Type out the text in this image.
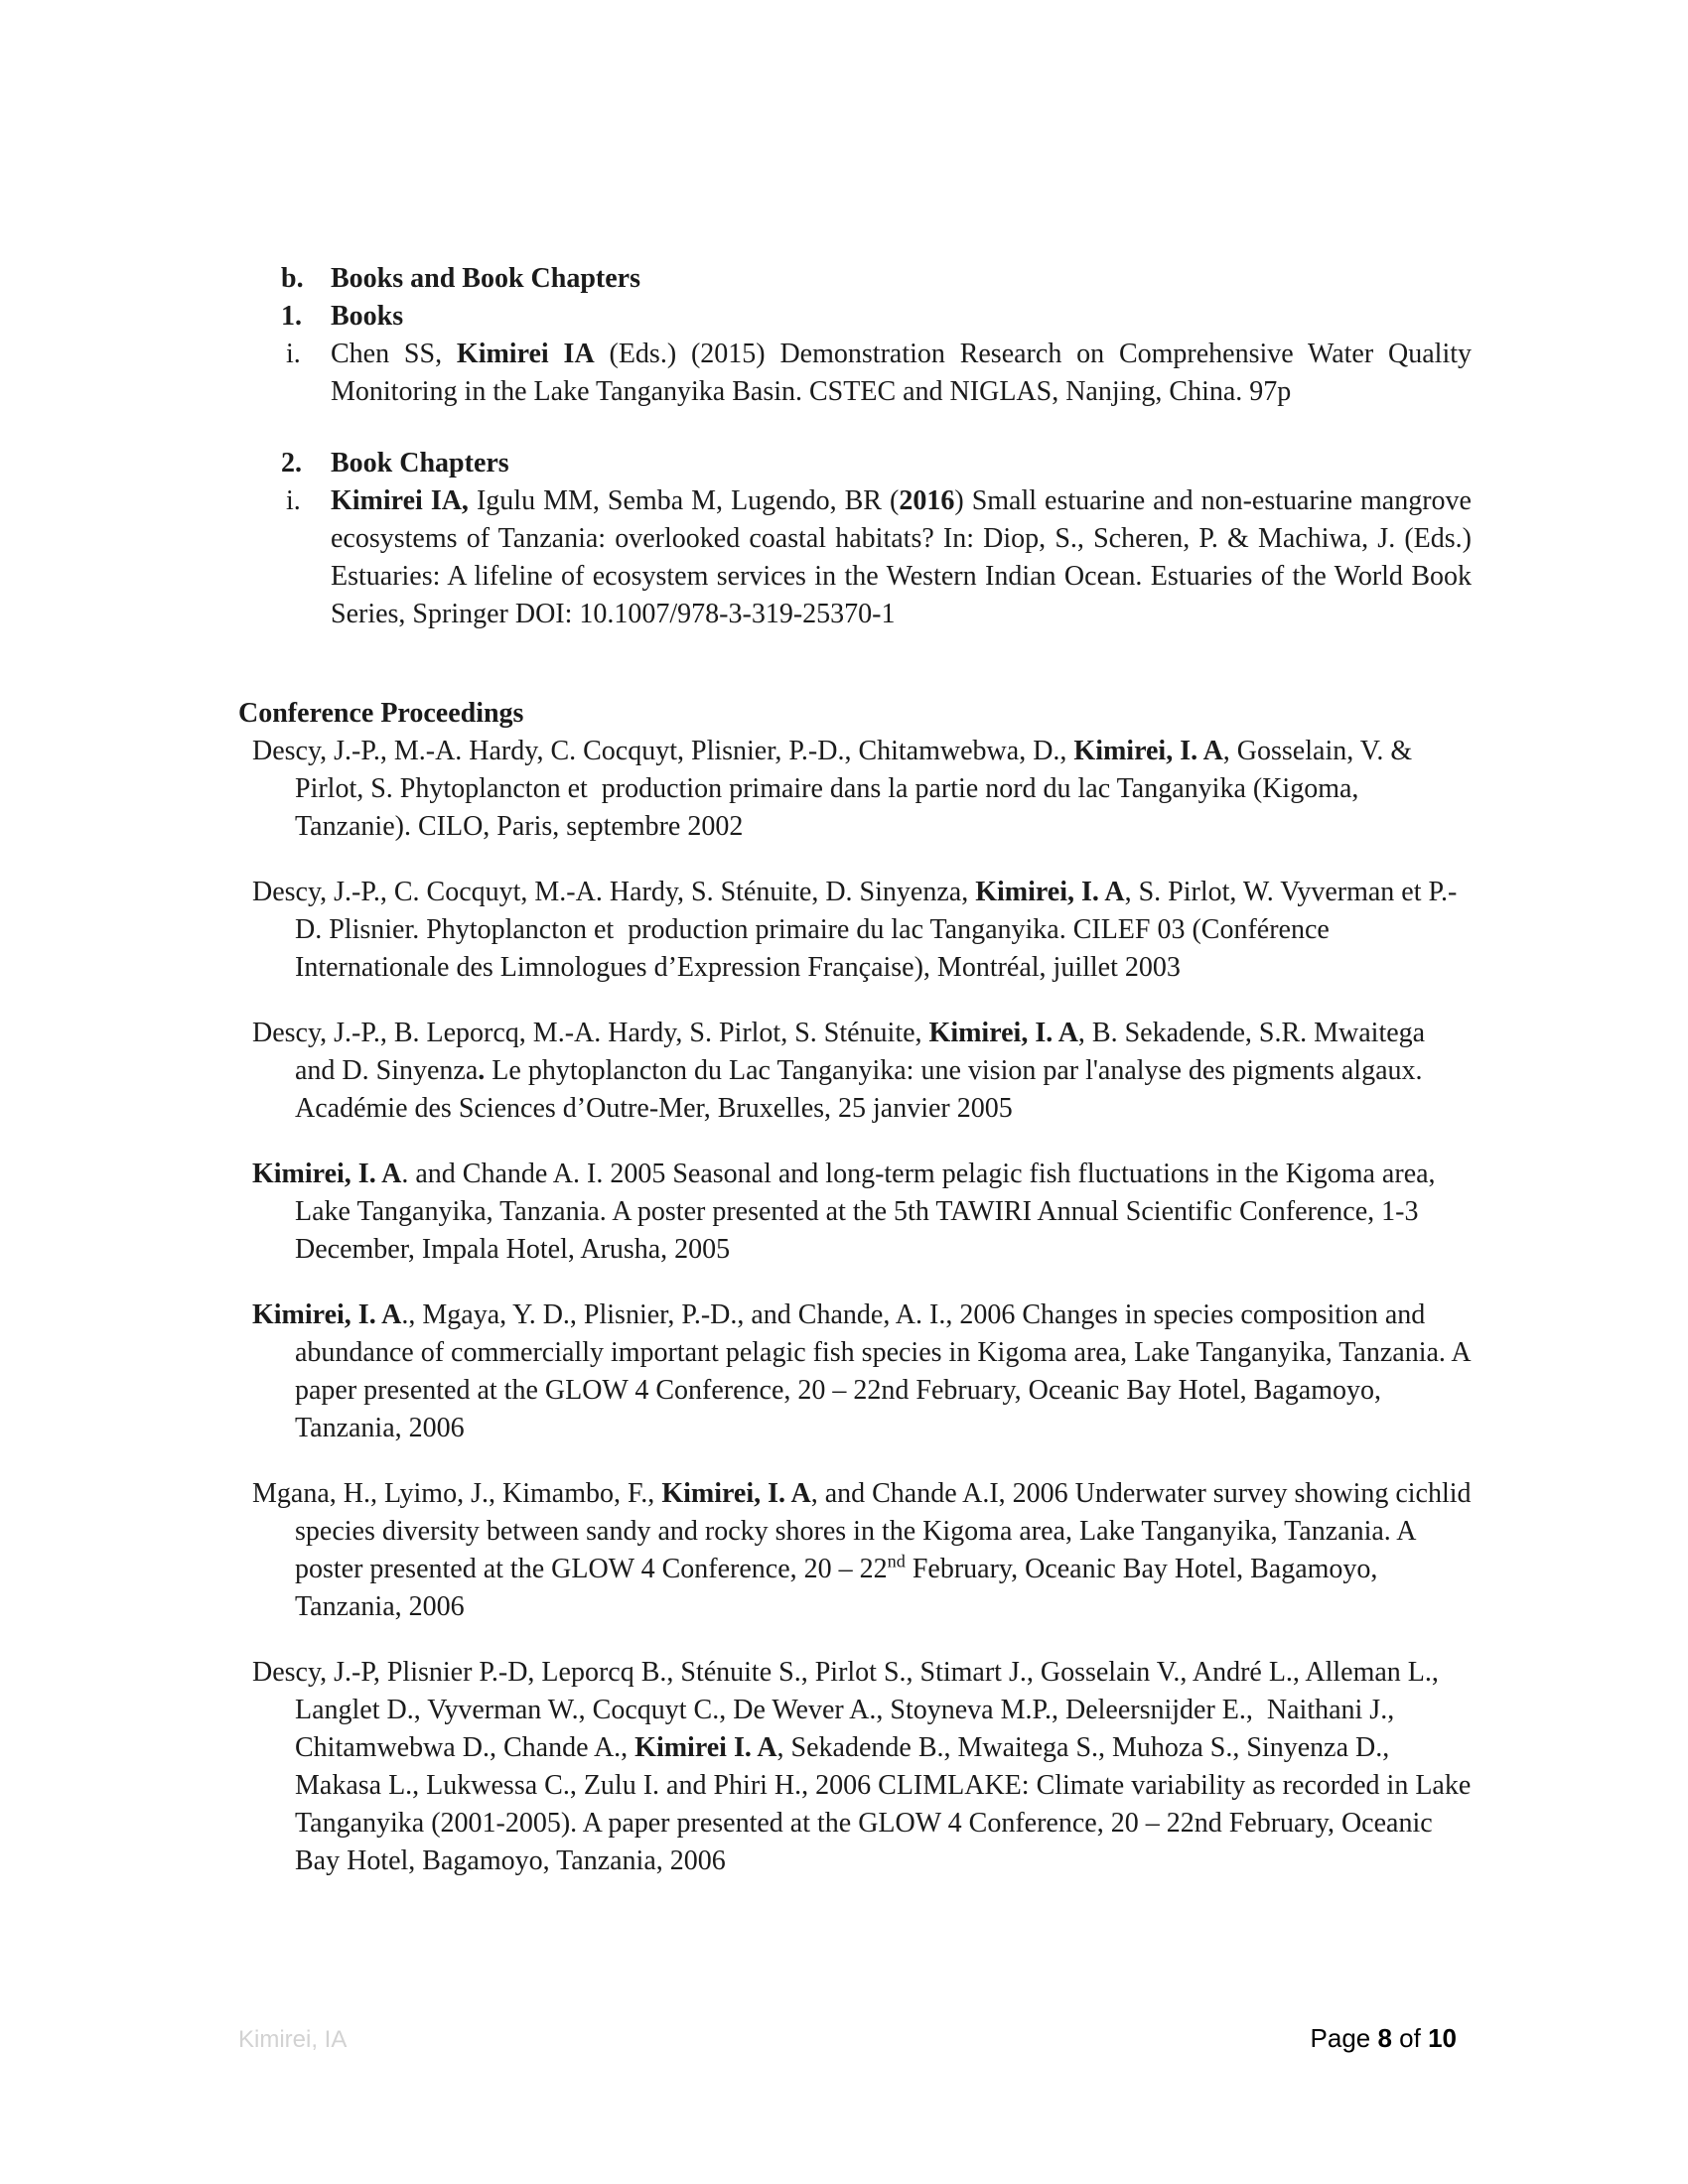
b. Books and Book Chapters
1. Books
i. Chen SS, Kimirei IA (Eds.) (2015) Demonstration Research on Comprehensive Water Quality Monitoring in the Lake Tanganyika Basin. CSTEC and NIGLAS, Nanjing, China. 97p
2. Book Chapters
i. Kimirei IA, Igulu MM, Semba M, Lugendo, BR (2016) Small estuarine and non-estuarine mangrove ecosystems of Tanzania: overlooked coastal habitats? In: Diop, S., Scheren, P. & Machiwa, J. (Eds.) Estuaries: A lifeline of ecosystem services in the Western Indian Ocean. Estuaries of the World Book Series, Springer DOI: 10.1007/978-3-319-25370-1
Conference Proceedings

Descy, J.-P., M.-A. Hardy, C. Cocquyt, Plisnier, P.-D., Chitamwebwa, D., Kimirei, I. A, Gosselain, V. & Pirlot, S. Phytoplancton et  production primaire dans la partie nord du lac Tanganyika (Kigoma, Tanzanie). CILO, Paris, septembre 2002

Descy, J.-P., C. Cocquyt, M.-A. Hardy, S. Sténuite, D. Sinyenza, Kimirei, I. A, S. Pirlot, W. Vyverman et P.-D. Plisnier. Phytoplancton et  production primaire du lac Tanganyika. CILEF 03 (Conférence Internationale des Limnologues d’Expression Française), Montréal, juillet 2003

Descy, J.-P., B. Leporcq, M.-A. Hardy, S. Pirlot, S. Sténuite, Kimirei, I. A, B. Sekadende, S.R. Mwaitega and D. Sinyenza. Le phytoplancton du Lac Tanganyika: une vision par l'analyse des pigments algaux. Académie des Sciences d’Outre-Mer, Bruxelles, 25 janvier 2005

Kimirei, I. A. and Chande A. I. 2005 Seasonal and long-term pelagic fish fluctuations in the Kigoma area, Lake Tanganyika, Tanzania. A poster presented at the 5th TAWIRI Annual Scientific Conference, 1-3 December, Impala Hotel, Arusha, 2005

Kimirei, I. A., Mgaya, Y. D., Plisnier, P.-D., and Chande, A. I., 2006 Changes in species composition and abundance of commercially important pelagic fish species in Kigoma area, Lake Tanganyika, Tanzania. A paper presented at the GLOW 4 Conference, 20 – 22nd February, Oceanic Bay Hotel, Bagamoyo, Tanzania, 2006

Mgana, H., Lyimo, J., Kimambo, F., Kimirei, I. A, and Chande A.I, 2006 Underwater survey showing cichlid species diversity between sandy and rocky shores in the Kigoma area, Lake Tanganyika, Tanzania. A poster presented at the GLOW 4 Conference, 20 – 22nd February, Oceanic Bay Hotel, Bagamoyo, Tanzania, 2006

Descy, J.-P, Plisnier P.-D, Leporcq B., Sténuite S., Pirlot S., Stimart J., Gosselain V., André L., Alleman L., Langlet D., Vyverman W., Cocquyt C., De Wever A., Stoyneva M.P., Deleersnijder E.,  Naithani J., Chitamwebwa D., Chande A., Kimirei I. A, Sekadende B., Mwaitega S., Muhoza S., Sinyenza D., Makasa L., Lukwessa C., Zulu I. and Phiri H., 2006 CLIMLAKE: Climate variability as recorded in Lake Tanganyika (2001-2005). A paper presented at the GLOW 4 Conference, 20 – 22nd February, Oceanic Bay Hotel, Bagamoyo, Tanzania, 2006

Kimirei, IA	Page 8 of 10
